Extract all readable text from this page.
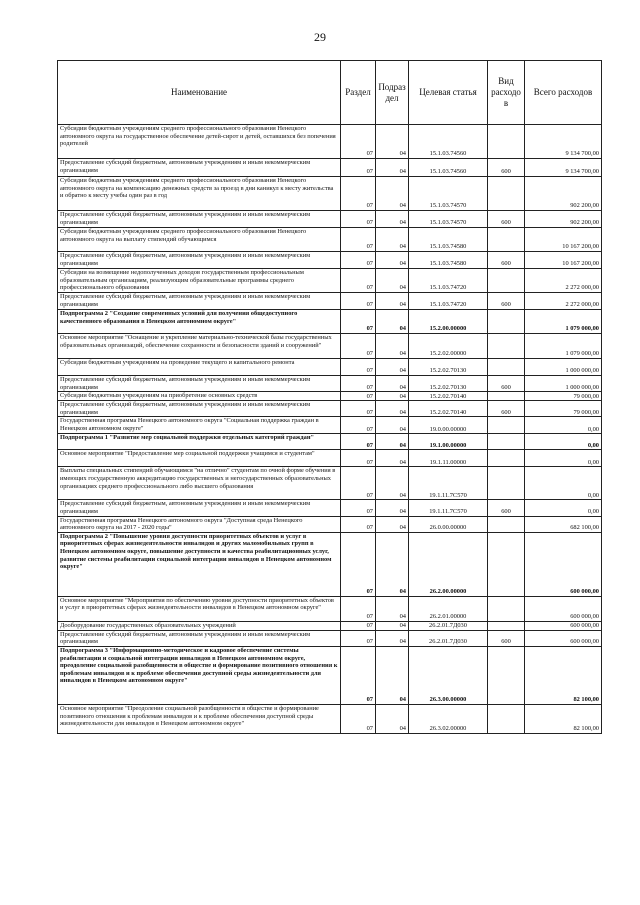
29
Наименование	Раздел	Подраз дел	Целевая статья	Вид расходо в	Всего расходов
Субсидии бюджетным учреждениям среднего профессионального образования Ненецкого автономного округа на государственное обеспечение детей-сирот и детей, оставшихся без попечения родителей	07	04	15.1.03.74560		9 134 700,00
Предоставление субсидий бюджетным, автономным учреждениям и иным некоммерческим организациям	07	04	15.1.03.74560	600	9 134 700,00
Субсидии бюджетным учреждениям среднего профессионального образования Ненецкого автономного округа на компенсацию денежных средств за проезд в дни каникул к месту жительства и обратно к месту учебы один раз в год	07	04	15.1.03.74570		902 200,00
Предоставление субсидий бюджетным, автономным учреждениям и иным некоммерческим организациям	07	04	15.1.03.74570	600	902 200,00
Субсидии бюджетным учреждениям среднего профессионального образования Ненецкого автономного округа на выплату стипендий обучающимся	07	04	15.1.03.74580		10 167 200,00
Предоставление субсидий бюджетным, автономным учреждениям и иным некоммерческим организациям	07	04	15.1.03.74580	600	10 167 200,00
Субсидии на возмещение недополученных доходов государственным профессиональным образовательным организациям, реализующим образовательные программы среднего профессионального образования	07	04	15.1.03.74720		2 272 000,00
Предоставление субсидий бюджетным, автономным учреждениям и иным некоммерческим организациям	07	04	15.1.03.74720	600	2 272 000,00
Подпрограмма 2 "Создание современных условий для получения общедоступного качественного образования в Ненецком автономном округе"	07	04	15.2.00.00000		1 079 000,00
Основное мероприятие "Оснащение и укрепление материально-технической базы государственных образовательных организаций, обеспечение сохранности и безопасности зданий и сооружений"	07	04	15.2.02.00000		1 079 000,00
Субсидии бюджетным учреждениям на проведение текущего и капитального ремонта	07	04	15.2.02.70130		1 000 000,00
Предоставление субсидий бюджетным, автономным учреждениям и иным некоммерческим организациям	07	04	15.2.02.70130	600	1 000 000,00
Субсидии бюджетным учреждениям на приобретение основных средств	07	04	15.2.02.70140		79 000,00
Предоставление субсидий бюджетным, автономным учреждениям и иным некоммерческим организациям	07	04	15.2.02.70140	600	79 000,00
Государственная программа Ненецкого автономного округа "Социальная поддержка граждан в Ненецком автономном округе"	07	04	19.0.00.00000		0,00
Подпрограмма 1 "Развитие мер социальной поддержки отдельных категорий граждан"	07	04	19.1.00.00000		0,00
Основное мероприятие "Предоставление мер социальной поддержки учащимся и студентам"	07	04	19.1.11.00000		0,00
Выплаты специальных стипендий обучающимся "на отлично" студентам по очной форме обучения в имеющих государственную аккредитацию государственных и негосударственных образовательных организациях среднего профессионального либо высшего образования	07	04	19.1.11.7С570		0,00
Предоставление субсидий бюджетным, автономным учреждениям и иным некоммерческим организациям	07	04	19.1.11.7С570	600	0,00
Государственная программа Ненецкого автономного округа "Доступная среда Ненецкого автономного округа на 2017 - 2020 годы"	07	04	26.0.00.00000		682 100,00
Подпрограмма 2 "Повышение уровня доступности приоритетных объектов и услуг в приоритетных сферах жизнедеятельности инвалидов и других маломобильных групп в Ненецком автономном округе, повышение доступности и качества реабилитационных услуг, развитие системы реабилитации социальной интеграции инвалидов в Ненецком автономном округе"	07	04	26.2.00.00000		600 000,00
Основное мероприятие "Мероприятия по обеспечению уровня доступности приоритетных объектов и услуг в приоритетных сферах жизнедеятельности инвалидов в Ненецком автономном округе"	07	04	26.2.01.00000		600 000,00
Дооборудование государственных образовательных учреждений	07	04	26.2.01.7Д030		600 000,00
Предоставление субсидий бюджетным, автономным учреждениям и иным некоммерческим организациям	07	04	26.2.01.7Д030	600	600 000,00
Подпрограмма 3 "Информационно-методическое и кадровое обеспечение системы реабилитации и социальной интеграции инвалидов в Ненецком автономном округе, преодоление социальной разобщенности в обществе и формирование позитивного отношения к проблемам инвалидов и к проблеме обеспечения доступной среды жизнедеятельности для инвалидов в Ненецком автономном округе"	07	04	26.3.00.00000		82 100,00
Основное мероприятие "Преодоление социальной разобщенности в обществе и формирование позитивного отношения к проблемам инвалидов и к проблеме обеспечения доступной среды жизнедеятельности для инвалидов в Ненецком автономном округе"	07	04	26.3.02.00000		82 100,00
